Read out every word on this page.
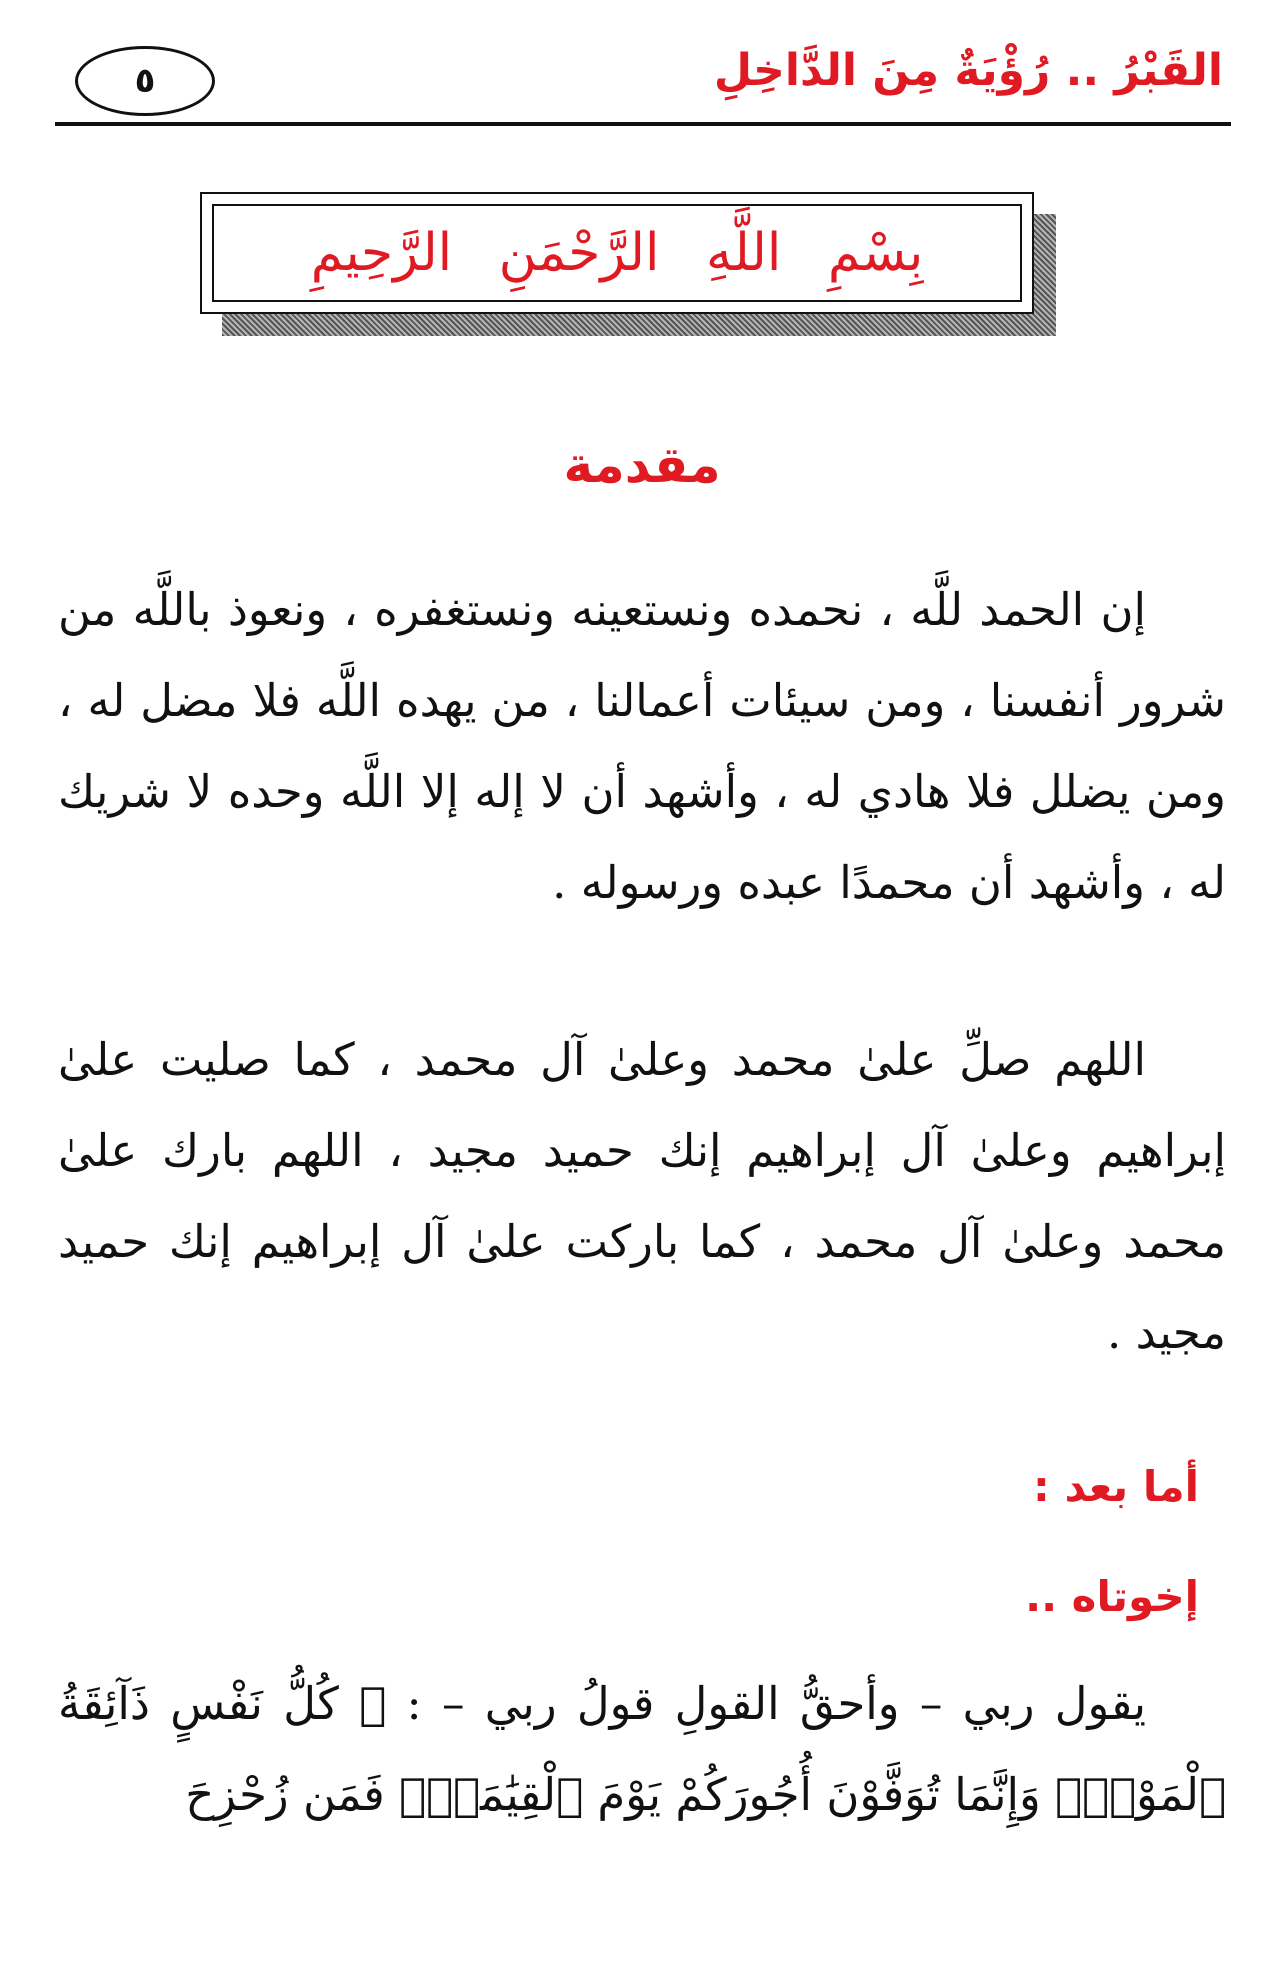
القَبْرُ .. رُؤْيَةٌ مِنَ الدَّاخِلِ
٥
بِسْمِ اللَّهِ الرَّحْمَنِ الرَّحِيمِ
مقدمة

إن الحمد للَّه ، نحمده ونستعينه ونستغفره ، ونعوذ باللَّه من شرور أنفسنا ، ومن سيئات أعمالنا ، من يهده اللَّه فلا مضل له ، ومن يضلل فلا هادي له ، وأشهد أن لا إله إلا اللَّه وحده لا شريك له ، وأشهد أن محمدًا عبده ورسوله .

اللهم صلِّ علىٰ محمد وعلىٰ آل محمد ، كما صليت علىٰ إبراهيم وعلىٰ آل إبراهيم إنك حميد مجيد ، اللهم بارك علىٰ محمد وعلىٰ آل محمد ، كما باركت علىٰ آل إبراهيم إنك حميد مجيد .

أما بعد :
إخوتاه ..

يقول ربي – وأحقُّ القولِ قولُ ربي – : ﴿ كُلُّ نَفْسٍ ذَآئِقَةُ ٱلْمَوْتِۗ وَإِنَّمَا تُوَفَّوْنَ أُجُورَكُمْ يَوْمَ ٱلْقِيَٰمَةِۖ فَمَن زُحْزِحَ
